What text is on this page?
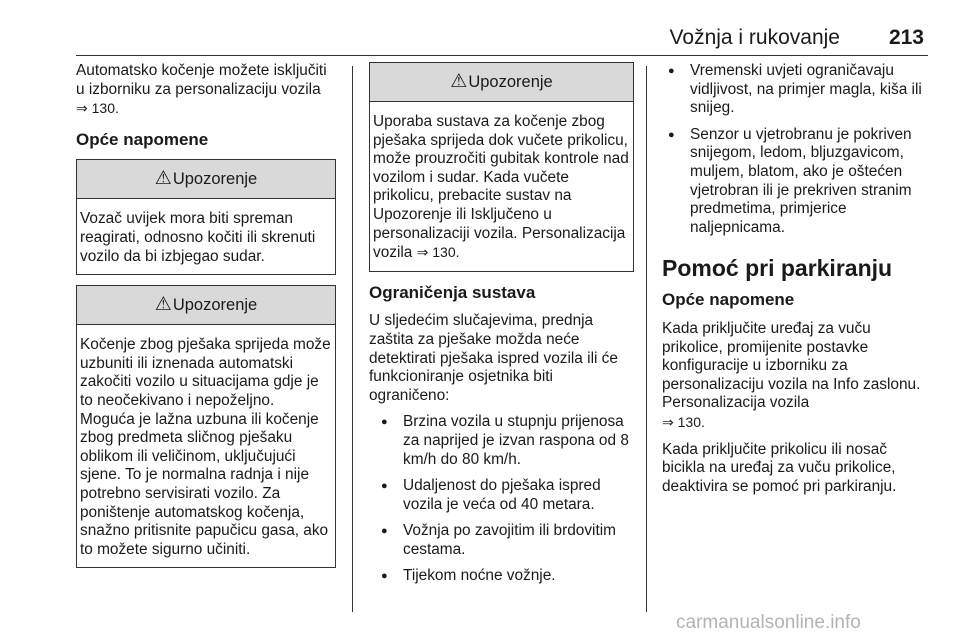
Vožnja i rukovanje 213

Automatsko kočenje možete isključiti u izborniku za personalizaciju vozila
⇒ 130.

Opće napomene
⚠ Upozorenje
Vozač uvijek mora biti spreman reagirati, odnosno kočiti ili skrenuti vozilo da bi izbjegao sudar.
⚠ Upozorenje
Kočenje zbog pješaka sprijeda može uzbuniti ili iznenada automatski zakočiti vozilo u situacijama gdje je to neočekivano i nepoželjno. Moguća je lažna uzbuna ili kočenje zbog predmeta sličnog pješaku oblikom ili veličinom, uključujući sjene. To je normalna radnja i nije potrebno servisirati vozilo. Za poništenje automatskog kočenja, snažno pritisnite papučicu gasa, ako to možete sigurno učiniti.
⚠ Upozorenje
Uporaba sustava za kočenje zbog pješaka sprijeda dok vučete prikolicu, može prouzročiti gubitak kontrole nad vozilom i sudar. Kada vučete prikolicu, prebacite sustav na Upozorenje ili Isključeno u personalizaciji vozila. Personalizacija vozila ⇒ 130.
Ograničenja sustava

U sljedećim slučajevima, prednja zaštita za pješake možda neće detektirati pješaka ispred vozila ili će funkcioniranje osjetnika biti ograničeno:

● Brzina vozila u stupnju prijenosa za naprijed je izvan raspona od 8 km/h do 80 km/h.
● Udaljenost do pješaka ispred vozila je veća od 40 metara.
● Vožnja po zavojitim ili brdovitim cestama.
● Tijekom noćne vožnje.
● Vremenski uvjeti ograničavaju vidljivost, na primjer magla, kiša ili snijeg.
● Senzor u vjetrobranu je pokriven snijegom, ledom, bljuzgavicom, muljem, blatom, ako je oštećen vjetrobran ili je prekriven stranim predmetima, primjerice naljepnicama.
Pomoć pri parkiranju
Opće napomene

Kada priključite uređaj za vuču prikolice, promijenite postavke konfiguracije u izborniku za personalizaciju vozila na Info zaslonu. Personalizacija vozila
⇒ 130.

Kada priključite prikolicu ili nosač bicikla na uređaj za vuču prikolice, deaktivira se pomoć pri parkiranju.

carmanualsonline.info
